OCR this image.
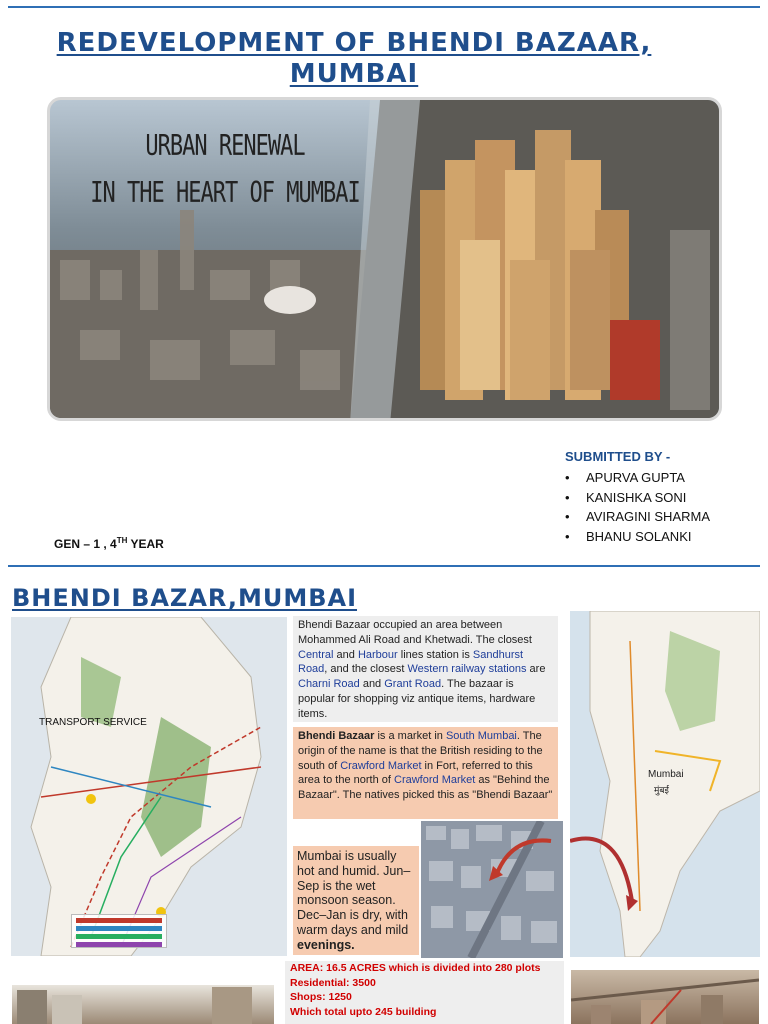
REDEVELOPMENT OF BHENDI BAZAAR, MUMBAI
URBAN RENEWAL
IN THE HEART OF MUMBAI
SUBMITTED BY -
• APURVA GUPTA
• KANISHKA SONI
• AVIRAGINI SHARMA
• BHANU SOLANKI
GEN – 1 , 4TH YEAR
BHENDI BAZAR,MUMBAI
TRANSPORT SERVICE
Bhendi Bazaar occupied an area between Mohammed Ali Road and Khetwadi. The closest Central and Harbour lines station is Sandhurst Road, and the closest Western railway stations are Charni Road and Grant Road. The bazaar is popular for shopping viz antique items, hardware items.
Bhendi Bazaar is a market in South Mumbai. The origin of the name is that the British residing to the south of Crawford Market in Fort, referred to this area to the north of Crawford Market as "Behind the Bazaar". The natives picked this as "Bhendi Bazaar"
Mumbai is usually hot and humid. Jun–Sep is the wet monsoon season. Dec–Jan is dry, with warm days and mild evenings.
Mumbai
मुंबई
AREA: 16.5 ACRES which is divided into 280 plots
Residential: 3500
Shops: 1250
Which total upto 245 building
